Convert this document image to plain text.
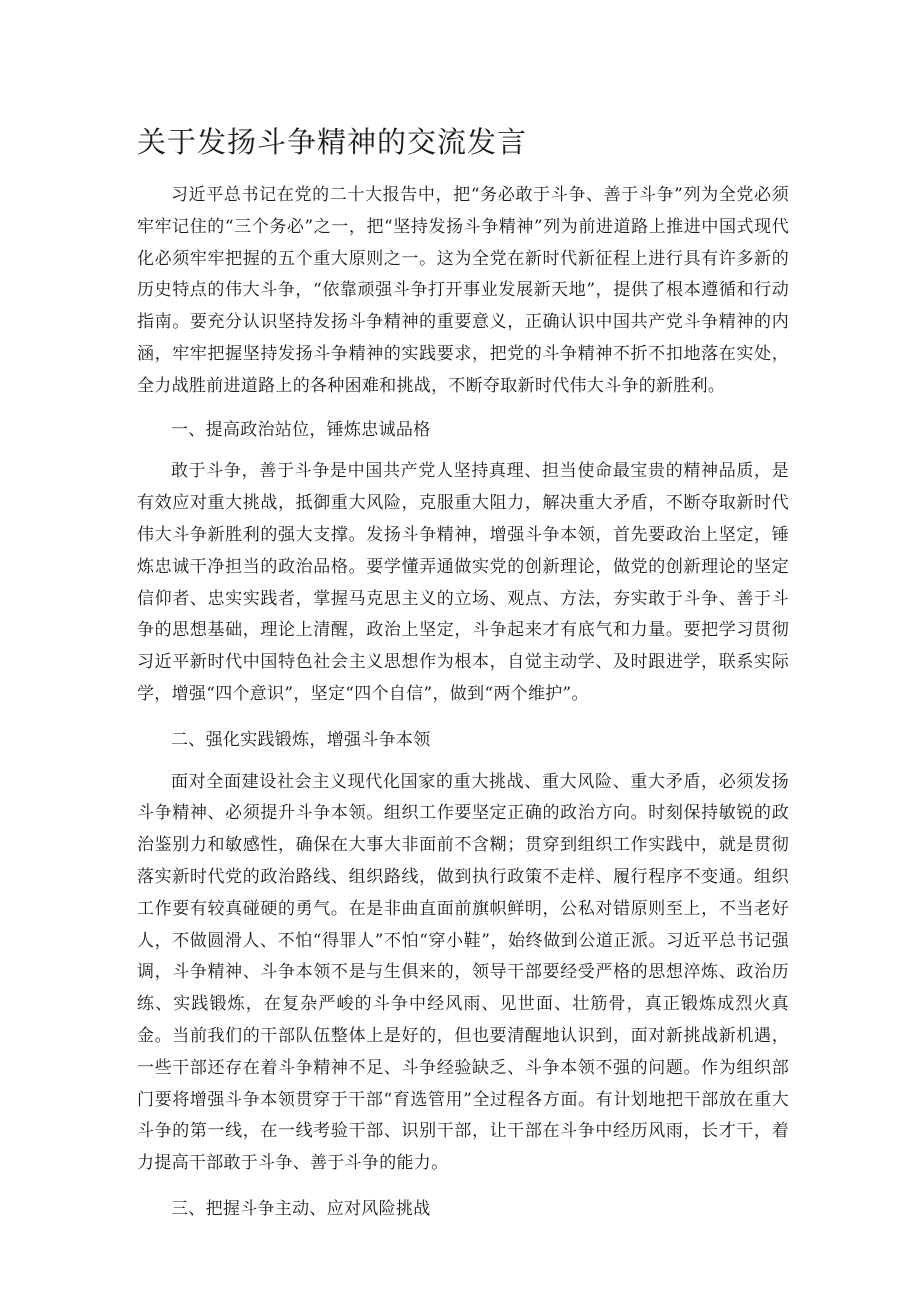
关于发扬斗争精神的交流发言

习近平总书记在党的二十大报告中，把“务必敢于斗争、善于斗争”列为全党必须牢牢记住的“三个务必”之一，把“坚持发扬斗争精神”列为前进道路上推进中国式现代化必须牢牢把握的五个重大原则之一。这为全党在新时代新征程上进行具有许多新的历史特点的伟大斗争，“依靠顽强斗争打开事业发展新天地”，提供了根本遵循和行动指南。要充分认识坚持发扬斗争精神的重要意义，正确认识中国共产党斗争精神的内涵，牢牢把握坚持发扬斗争精神的实践要求，把党的斗争精神不折不扣地落在实处，全力战胜前进道路上的各种困难和挑战，不断夺取新时代伟大斗争的新胜利。

一、提高政治站位，锤炼忠诚品格

敢于斗争，善于斗争是中国共产党人坚持真理、担当使命最宝贵的精神品质，是有效应对重大挑战，抵御重大风险，克服重大阻力，解决重大矛盾，不断夺取新时代伟大斗争新胜利的强大支撑。发扬斗争精神，增强斗争本领，首先要政治上坚定，锤炼忠诚干净担当的政治品格。要学懂弄通做实党的创新理论，做党的创新理论的坚定信仰者、忠实实践者，掌握马克思主义的立场、观点、方法，夯实敢于斗争、善于斗争的思想基础，理论上清醒，政治上坚定，斗争起来才有底气和力量。要把学习贯彻习近平新时代中国特色社会主义思想作为根本，自觉主动学、及时跟进学，联系实际学，增强“四个意识”，坚定“四个自信”，做到“两个维护”。

二、强化实践锻炼，增强斗争本领

面对全面建设社会主义现代化国家的重大挑战、重大风险、重大矛盾，必须发扬斗争精神、必须提升斗争本领。组织工作要坚定正确的政治方向。时刻保持敏锐的政治鉴别力和敏感性，确保在大事大非面前不含糊；贯穿到组织工作实践中，就是贯彻落实新时代党的政治路线、组织路线，做到执行政策不走样、履行程序不变通。组织工作要有较真碰硬的勇气。在是非曲直面前旗帜鲜明，公私对错原则至上，不当老好人，不做圆滑人、不怕“得罪人”不怕“穿小鞋”，始终做到公道正派。习近平总书记强调，斗争精神、斗争本领不是与生俱来的，领导干部要经受严格的思想淬炼、政治历练、实践锻炼，在复杂严峻的斗争中经风雨、见世面、壮筋骨，真正锻炼成烈火真金。当前我们的干部队伍整体上是好的，但也要清醒地认识到，面对新挑战新机遇，一些干部还存在着斗争精神不足、斗争经验缺乏、斗争本领不强的问题。作为组织部门要将增强斗争本领贯穿于干部“育选管用”全过程各方面。有计划地把干部放在重大斗争的第一线，在一线考验干部、识别干部，让干部在斗争中经历风雨，长才干，着力提高干部敢于斗争、善于斗争的能力。

三、把握斗争主动、应对风险挑战
